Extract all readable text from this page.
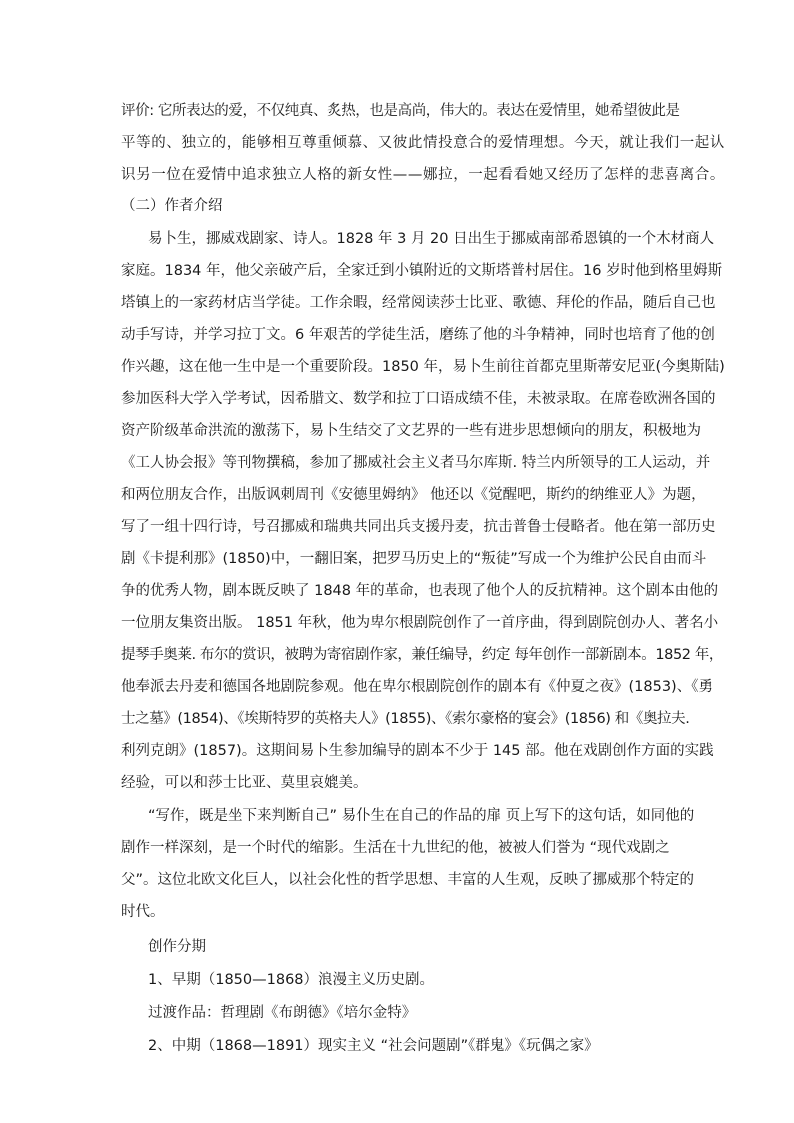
评价: 它所表达的爱，不仅纯真、炙热，也是高尚，伟大的。表达在爱情里，她希望彼此是
平等的、独立的，能够相互尊重倾慕、又彼此情投意合的爱情理想。今天，就让我们一起认
识另一位在爱情中追求独立人格的新女性——娜拉，一起看看她又经历了怎样的悲喜离合。
（二）作者介绍
易卜生，挪威戏剧家、诗人。1828 年 3 月 20 日出生于挪威南部希恩镇的一个木材商人
家庭。1834 年，他父亲破产后，全家迁到小镇附近的文斯塔普村居住。16 岁时他到格里姆斯
塔镇上的一家药材店当学徒。工作余暇，经常阅读莎士比亚、歌德、拜伦的作品，随后自己也
动手写诗，并学习拉丁文。6 年艰苦的学徒生活，磨练了他的斗争精神，同时也培育了他的创
作兴趣，这在他一生中是一个重要阶段。1850 年，易卜生前往首都克里斯蒂安尼亚(今奥斯陆)
参加医科大学入学考试，因希腊文、数学和拉丁口语成绩不佳，未被录取。在席卷欧洲各国的
资产阶级革命洪流的激荡下，易卜生结交了文艺界的一些有进步思想倾向的朋友，积极地为
《工人协会报》等刊物撰稿，参加了挪威社会主义者马尔库斯. 特兰内所领导的工人运动，并
和两位朋友合作，出版讽刺周刊《安德里姆纳》 他还以《觉醒吧，斯约的纳维亚人》为题，
写了一组十四行诗，号召挪威和瑞典共同出兵支援丹麦，抗击普鲁士侵略者。他在第一部历史
剧《卡提利那》(1850)中，一翻旧案，把罗马历史上的“叛徒”写成一个为维护公民自由而斗
争的优秀人物，剧本既反映了 1848 年的革命，也表现了他个人的反抗精神。这个剧本由他的
一位朋友集资出版。 1851 年秋，他为卑尔根剧院创作了一首序曲，得到剧院创办人、著名小
提琴手奥莱. 布尔的赏识，被聘为寄宿剧作家，兼任编导，约定 每年创作一部新剧本。1852 年，
他奉派去丹麦和德国各地剧院参观。他在卑尔根剧院创作的剧本有《仲夏之夜》(1853)、《勇
士之墓》(1854)、《埃斯特罗的英格夫人》(1855)、《索尔豪格的宴会》(1856) 和《奥拉夫.
利列克朗》(1857)。这期间易卜生参加编导的剧本不少于 145 部。他在戏剧创作方面的实践
经验，可以和莎士比亚、莫里哀媲美。
“写作，既是坐下来判断自己” 易仆生在自己的作品的扉 页上写下的这句话，如同他的
剧作一样深刻，是一个时代的缩影。生活在十九世纪的他，被被人们誉为 “现代戏剧之
父”。这位北欧文化巨人，以社会化性的哲学思想、丰富的人生观，反映了挪威那个特定的
时代。
创作分期
1、早期（1850—1868）浪漫主义历史剧。
过渡作品：哲理剧《布朗德》《培尔金特》
2、中期（1868—1891）现实主义 “社会问题剧”《群鬼》《玩偶之家》
